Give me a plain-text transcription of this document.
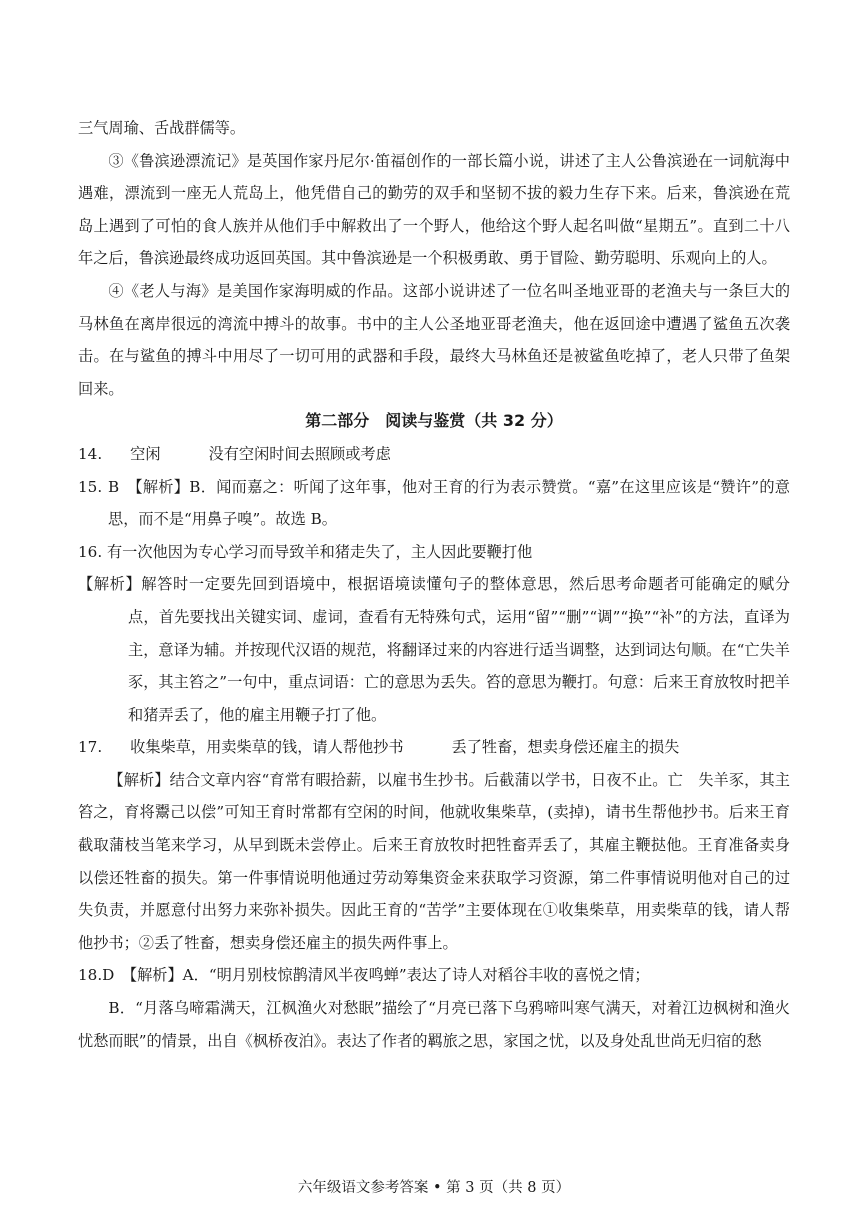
三气周瑜、舌战群儒等。

③《鲁滨逊漂流记》是英国作家丹尼尔·笛福创作的一部长篇小说，讲述了主人公鲁滨逊在一词航海中遇难，漂流到一座无人荒岛上，他凭借自己的勤劳的双手和坚韧不拔的毅力生存下来。后来，鲁滨逊在荒岛上遇到了可怕的食人族并从他们手中解救出了一个野人，他给这个野人起名叫做“星期五”。直到二十八年之后，鲁滨逊最终成功返回英国。其中鲁滨逊是一个积极勇敢、勇于冒险、勤劳聪明、乐观向上的人。

④《老人与海》是美国作家海明威的作品。这部小说讲述了一位名叫圣地亚哥的老渔夫与一条巨大的马林鱼在离岸很远的湾流中搏斗的故事。书中的主人公圣地亚哥老渔夫，他在返回途中遭遇了鲨鱼五次袭击。在与鲨鱼的搏斗中用尽了一切可用的武器和手段，最终大马林鱼还是被鲨鱼吃掉了，老人只带了鱼架回来。

第二部分　阅读与鉴赏（共 32 分）

14. 空闲	没有空闲时间去照顾或考虑

15. B　【解析】B．闻而嘉之：听闻了这年事，他对王育的行为表示赞赏。“嘉”在这里应该是“赞许”的意思，而不是“用鼻子嗅”。故选 B。

16. 有一次他因为专心学习而导致羊和猪走失了，主人因此要鞭打他

【解析】解答时一定要先回到语境中，根据语境读懂句子的整体意思，然后思考命题者可能确定的赋分点，首先要找出关键实词、虚词，查看有无特殊句式，运用“留”“删”“调”“换”“补”的方法，直译为主，意译为辅。并按现代汉语的规范，将翻译过来的内容进行适当调整，达到词达句顺。在“亡失羊豕，其主笞之”一句中，重点词语：亡的意思为丢失。笞的意思为鞭打。句意：后来王育放牧时把羊和猪弄丢了，他的雇主用鞭子打了他。

17. 收集柴草，用卖柴草的钱，请人帮他抄书	丢了牲畜，想卖身偿还雇主的损失

【解析】结合文章内容“育常有暇拾薪，以雇书生抄书。后截蒲以学书，日夜不止。亡　失羊豕，其主笞之，育将鬻己以偿”可知王育时常都有空闲的时间，他就收集柴草，(卖掉)，请书生帮他抄书。后来王育截取蒲枝当笔来学习，从早到既未尝停止。后来王育放牧时把牲畜弄丢了，其雇主鞭挞他。王育准备卖身以偿还牲畜的损失。第一件事情说明他通过劳动筹集资金来获取学习资源，第二件事情说明他对自己的过失负责，并愿意付出努力来弥补损失。因此王育的“苦学”主要体现在①收集柴草，用卖柴草的钱，请人帮他抄书；②丢了牲畜，想卖身偿还雇主的损失两件事上。

18.D　【解析】A．“明月别枝惊鹊清风半夜鸣蝉”表达了诗人对稻谷丰收的喜悦之情；

B．“月落乌啼霜满天，江枫渔火对愁眠”描绘了“月亮已落下乌鸦啼叫寒气满天，对着江边枫树和渔火忧愁而眠”的情景，出自《枫桥夜泊》。表达了作者的羁旅之思，家国之忧，以及身处乱世尚无归宿的愁

六年级语文参考答案 • 第 3 页（共 8 页）
